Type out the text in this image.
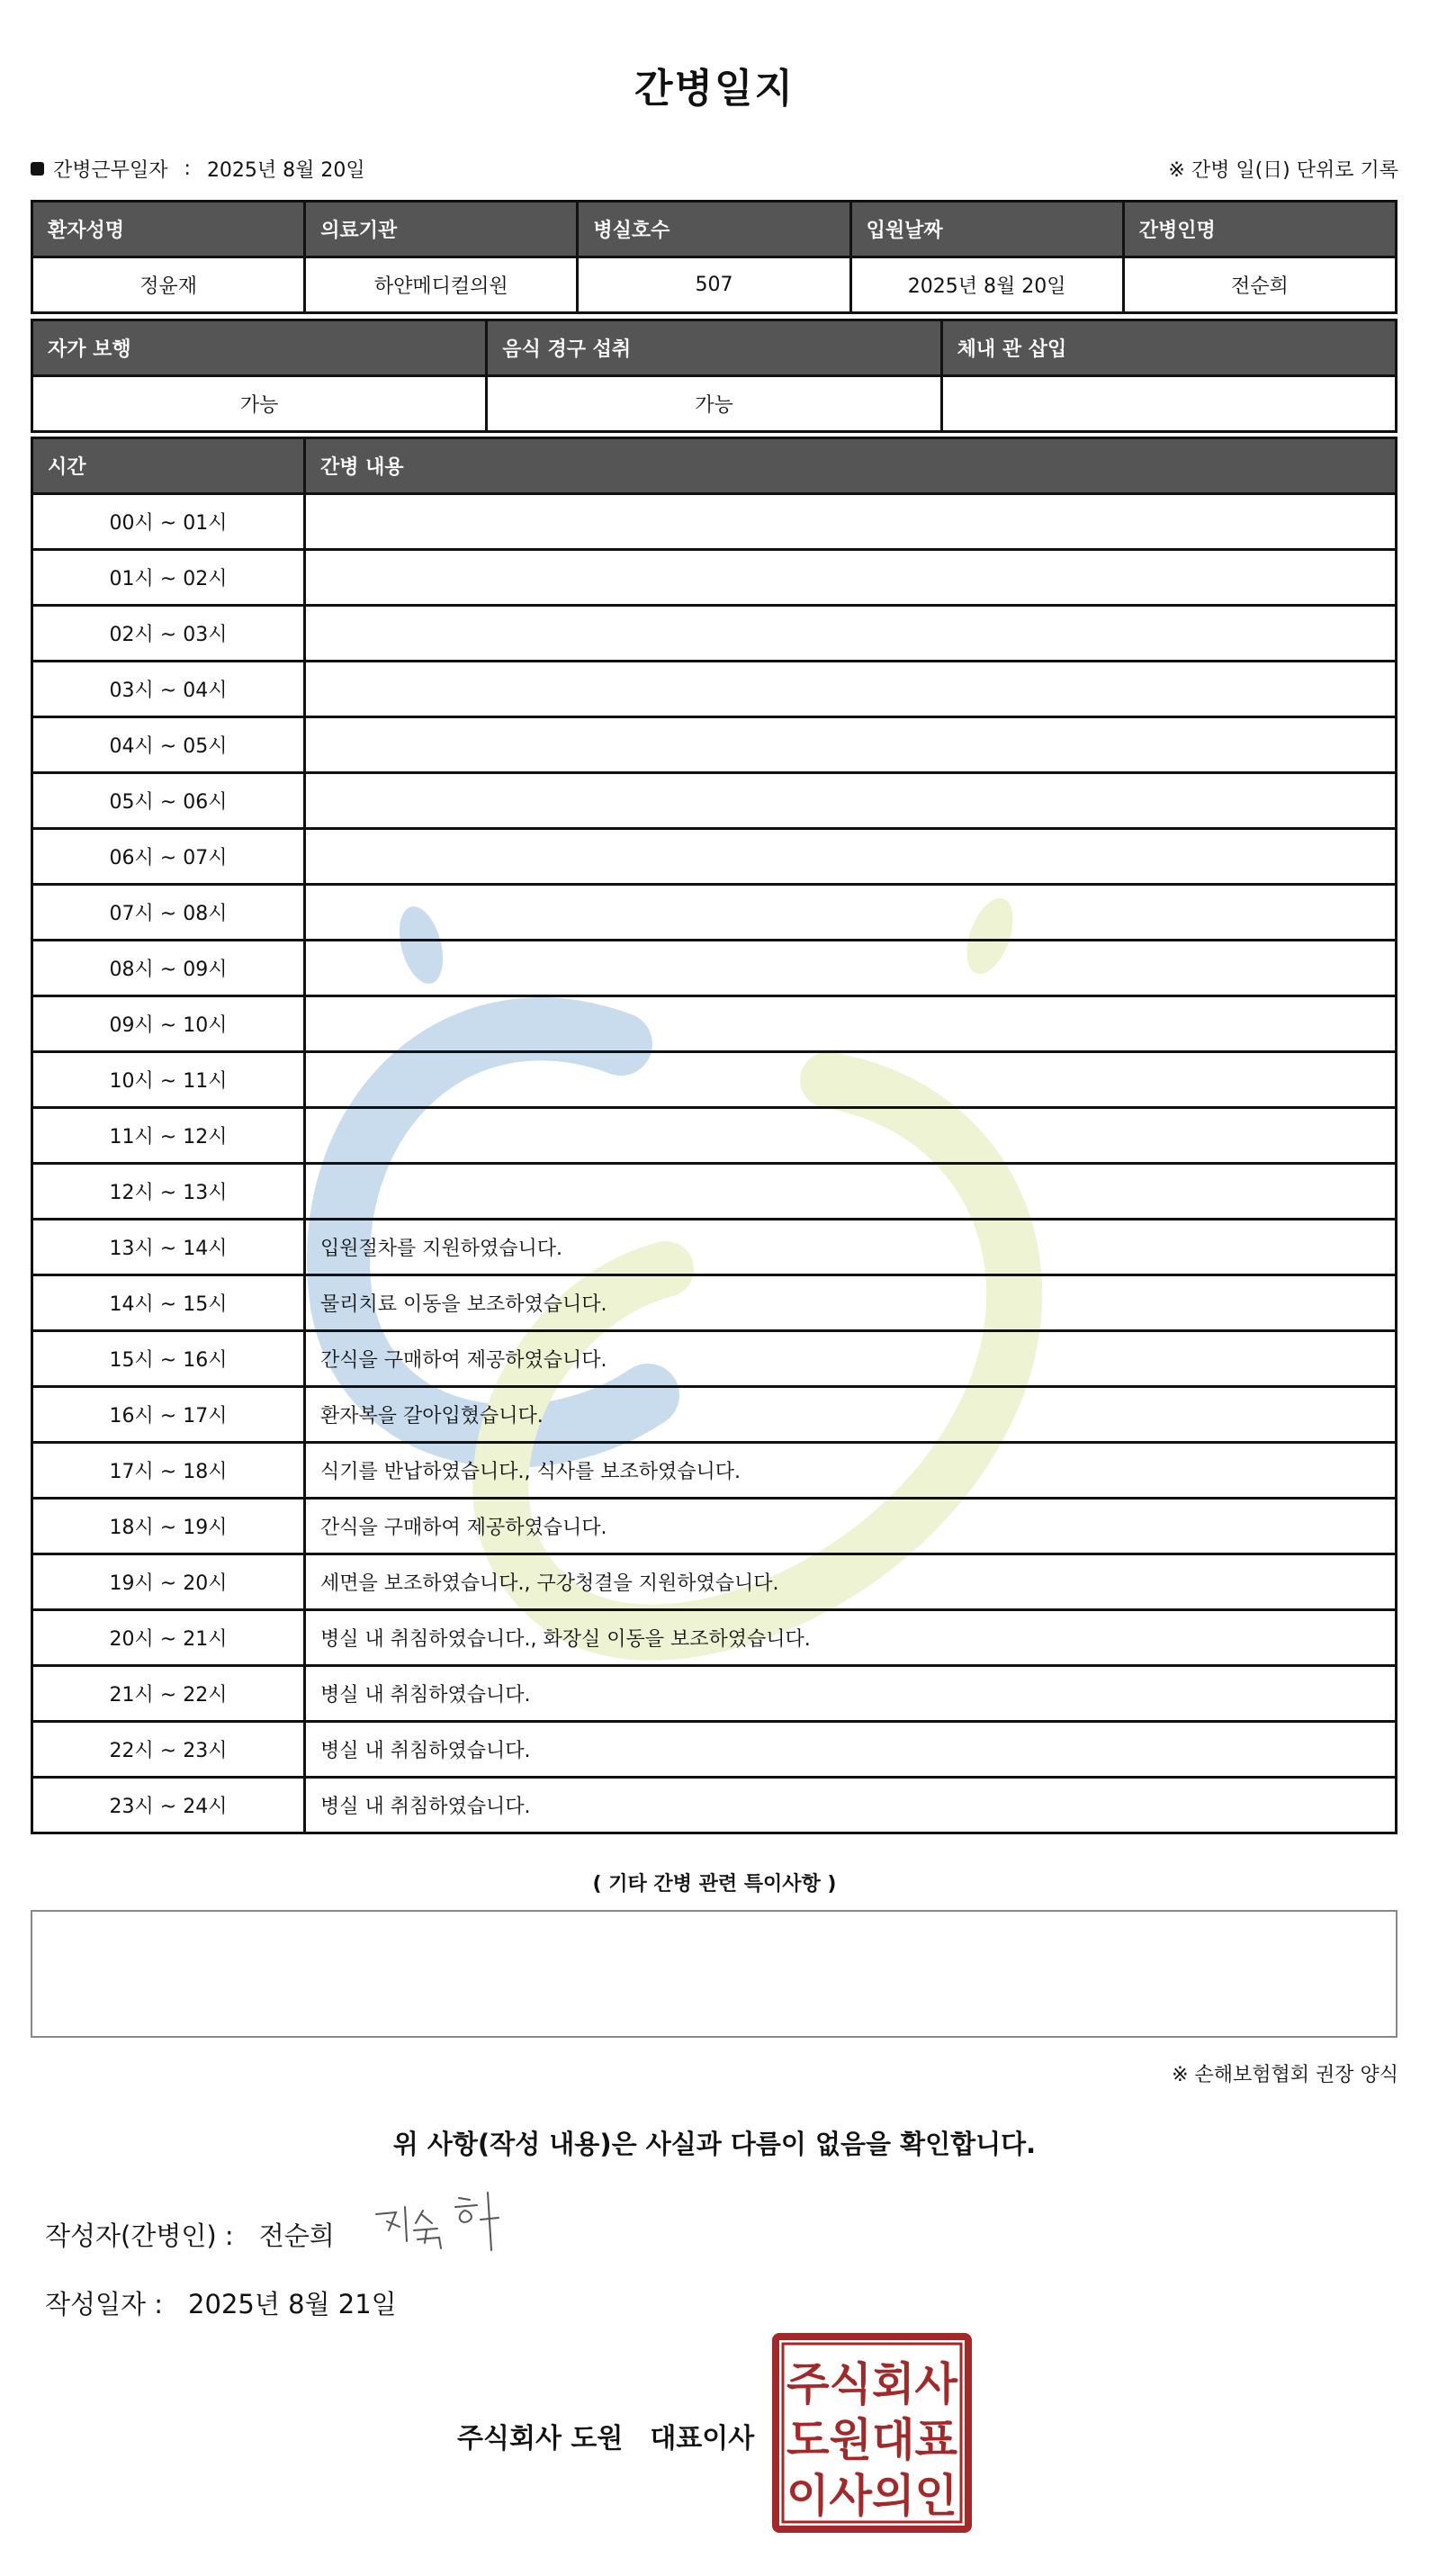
간병일지
간병근무일자 : 2025년 8월 20일	※ 간병 일(日) 단위로 기록
환자성명	의료기관	병실호수	입원날짜	간병인명
정윤재	하얀메디컬의원	507	2025년 8월 20일	전순희
자가 보행	음식 경구 섭취	체내 관 삽입
가능	가능	
시간	간병 내용
00시 ~ 01시	
01시 ~ 02시	
02시 ~ 03시	
03시 ~ 04시	
04시 ~ 05시	
05시 ~ 06시	
06시 ~ 07시	
07시 ~ 08시	
08시 ~ 09시	
09시 ~ 10시	
10시 ~ 11시	
11시 ~ 12시	
12시 ~ 13시	
13시 ~ 14시	입원절차를 지원하였습니다.
14시 ~ 15시	물리치료 이동을 보조하였습니다.
15시 ~ 16시	간식을 구매하여 제공하였습니다.
16시 ~ 17시	환자복을 갈아입혔습니다.
17시 ~ 18시	식기를 반납하였습니다., 식사를 보조하였습니다.
18시 ~ 19시	간식을 구매하여 제공하였습니다.
19시 ~ 20시	세면을 보조하였습니다., 구강청결을 지원하였습니다.
20시 ~ 21시	병실 내 취침하였습니다., 화장실 이동을 보조하였습니다.
21시 ~ 22시	병실 내 취침하였습니다.
22시 ~ 23시	병실 내 취침하였습니다.
23시 ~ 24시	병실 내 취침하였습니다.
( 기타 간병 관련 특이사항 )
※ 손해보험협회 권장 양식
위 사항(작성 내용)은 사실과 다름이 없음을 확인합니다.
작성자(간병인) : 전순희
작성일자 : 2025년 8월 21일
주식회사 도원 대표이사
주식회사
도원대표
이사의인
